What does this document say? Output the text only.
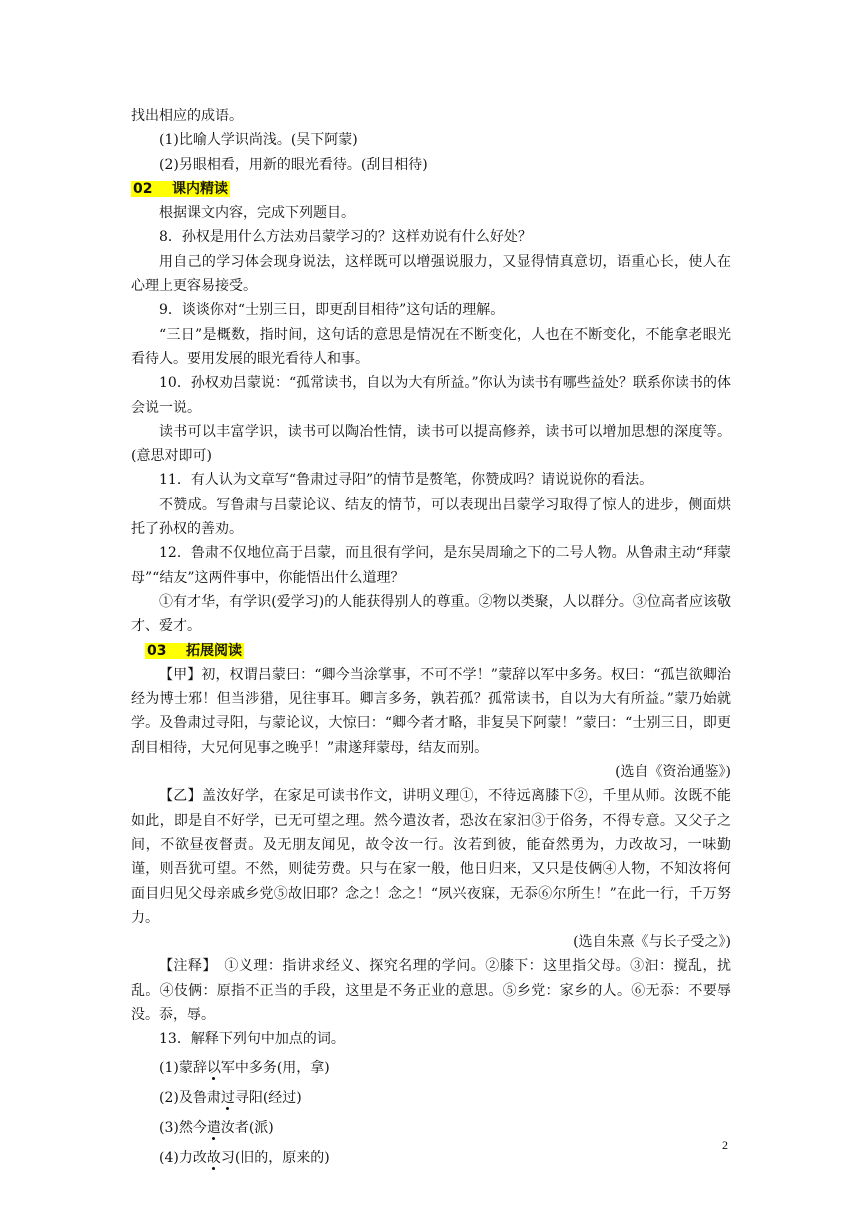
找出相应的成语。

(1)比喻人学识尚浅。(吴下阿蒙)

(2)另眼相看，用新的眼光看待。(刮目相待)

02 课内精读

根据课文内容，完成下列题目。

8．孙权是用什么方法劝吕蒙学习的？这样劝说有什么好处？

用自己的学习体会现身说法，这样既可以增强说服力，又显得情真意切，语重心长，使人在心理上更容易接受。

9．谈谈你对“士别三日，即更刮目相待”这句话的理解。

“三日”是概数，指时间，这句话的意思是情况在不断变化，人也在不断变化，不能拿老眼光看待人。要用发展的眼光看待人和事。

10．孙权劝吕蒙说：“孤常读书，自以为大有所益。”你认为读书有哪些益处？联系你读书的体会说一说。

读书可以丰富学识，读书可以陶冶性情，读书可以提高修养，读书可以增加思想的深度等。(意思对即可)

11．有人认为文章写“鲁肃过寻阳”的情节是赘笔，你赞成吗？请说说你的看法。

不赞成。写鲁肃与吕蒙论议、结友的情节，可以表现出吕蒙学习取得了惊人的进步，侧面烘托了孙权的善劝。

12．鲁肃不仅地位高于吕蒙，而且很有学问，是东吴周瑜之下的二号人物。从鲁肃主动“拜蒙母”“结友”这两件事中，你能悟出什么道理？

①有才华，有学识(爱学习)的人能获得别人的尊重。②物以类聚，人以群分。③位高者应该敬才、爱才。

03 拓展阅读

【甲】初，权谓吕蒙曰：“卿今当涂掌事，不可不学！”蒙辞以军中多务。权曰：“孤岂欲卿治经为博士邪！但当涉猎，见往事耳。卿言多务，孰若孤？孤常读书，自以为大有所益。”蒙乃始就学。及鲁肃过寻阳，与蒙论议，大惊曰：“卿今者才略，非复吴下阿蒙！”蒙曰：“士别三日，即更刮目相待，大兄何见事之晚乎！”肃遂拜蒙母，结友而别。

(选自《资治通鉴》)

【乙】盖汝好学，在家足可读书作文，讲明义理①，不待远离膝下②，千里从师。汝既不能如此，即是自不好学，已无可望之理。然今遣汝者，恐汝在家汩③于俗务，不得专意。又父子之间，不欲昼夜督责。及无朋友闻见，故令汝一行。汝若到彼，能奋然勇为，力改故习，一味勤谨，则吾犹可望。不然，则徒劳费。只与在家一般，他日归来，又只是伎俩④人物，不知汝将何面目归见父母亲戚乡党⑤故旧耶？念之！念之！“夙兴夜寐，无忝⑥尔所生！”在此一行，千万努力。

(选自朱熹《与长子受之》)

【注释】　①义理：指讲求经义、探究名理的学问。②膝下：这里指父母。③汩：搅乱，扰乱。④伎俩：原指不正当的手段，这里是不务正业的意思。⑤乡党：家乡的人。⑥无忝：不要辱没。忝，辱。

13．解释下列句中加点的词。

(1)蒙辞以军中多务(用，拿)

(2)及鲁肃过寻阳(经过)

(3)然今遣汝者(派)

(4)力改故习(旧的，原来的)

2
